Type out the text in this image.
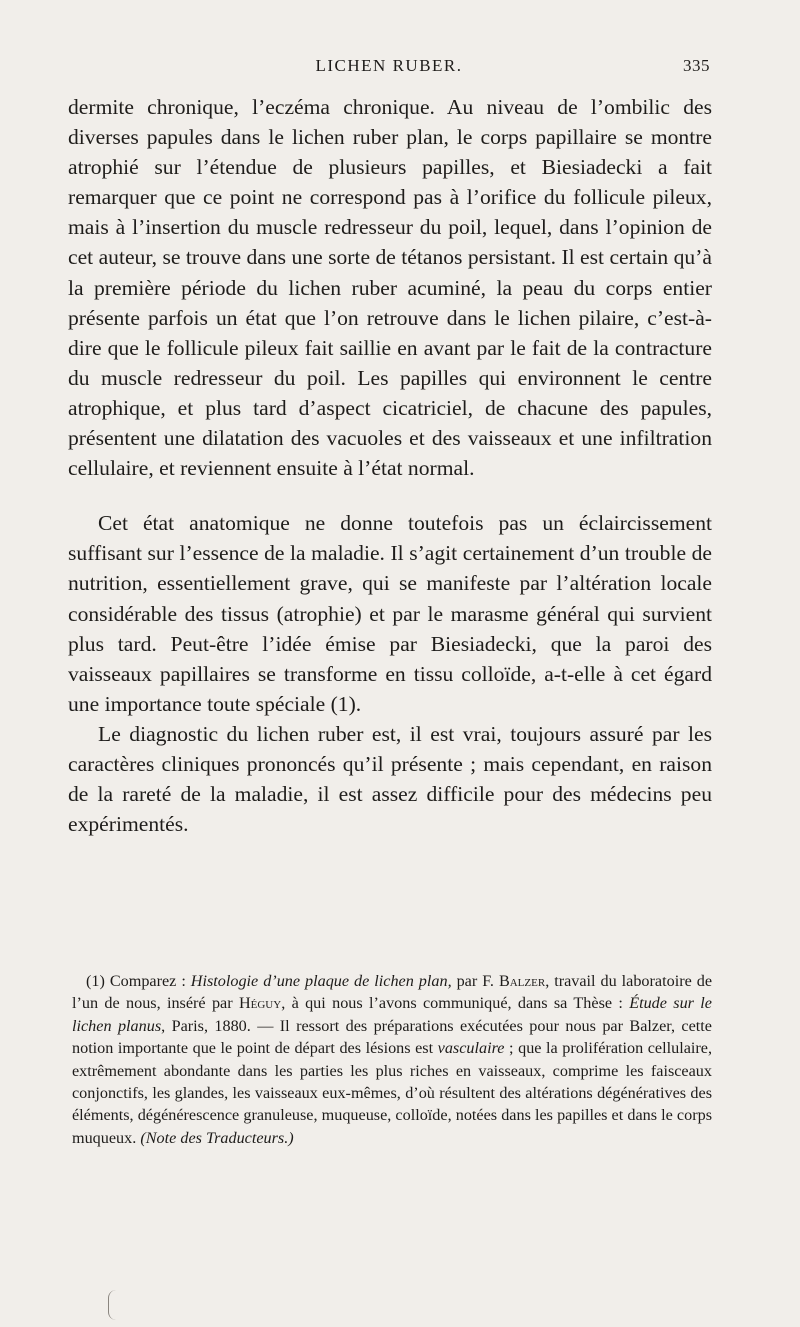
LICHEN RUBER.	335

dermite chronique, l’eczéma chronique. Au niveau de l’ombilic des diverses papules dans le lichen ruber plan, le corps papillaire se montre atrophié sur l’étendue de plusieurs papilles, et Biesiadecki a fait remarquer que ce point ne correspond pas à l’orifice du follicule pileux, mais à l’insertion du muscle redresseur du poil, lequel, dans l’opinion de cet auteur, se trouve dans une sorte de tétanos persistant. Il est certain qu’à la première période du lichen ruber acuminé, la peau du corps entier présente parfois un état que l’on retrouve dans le lichen pilaire, c’est-à-dire que le follicule pileux fait saillie en avant par le fait de la contracture du muscle redresseur du poil. Les papilles qui environnent le centre atrophique, et plus tard d’aspect cicatriciel, de chacune des papules, présentent une dilatation des vacuoles et des vaisseaux et une infiltration cellulaire, et reviennent ensuite à l’état normal.

Cet état anatomique ne donne toutefois pas un éclaircissement suffisant sur l’essence de la maladie. Il s’agit certainement d’un trouble de nutrition, essentiellement grave, qui se manifeste par l’altération locale considérable des tissus (atrophie) et par le marasme général qui survient plus tard. Peut-être l’idée émise par Biesiadecki, que la paroi des vaisseaux papillaires se transforme en tissu colloïde, a-t-elle à cet égard une importance toute spéciale (1).

Le diagnostic du lichen ruber est, il est vrai, toujours assuré par les caractères cliniques prononcés qu’il présente ; mais cependant, en raison de la rareté de la maladie, il est assez difficile pour des médecins peu expérimentés.

(1) Comparez : Histologie d’une plaque de lichen plan, par F. Balzer, travail du laboratoire de l’un de nous, inséré par Héguy, à qui nous l’avons communiqué, dans sa Thèse : Étude sur le lichen planus, Paris, 1880. — Il ressort des préparations exécutées pour nous par Balzer, cette notion importante que le point de départ des lésions est vasculaire ; que la prolifération cellulaire, extrêmement abondante dans les parties les plus riches en vaisseaux, comprime les faisceaux conjonctifs, les glandes, les vaisseaux eux-mêmes, d’où résultent des altérations dégénératives des éléments, dégénérescence granuleuse, muqueuse, colloïde, notées dans les papilles et dans le corps muqueux. (Note des Traducteurs.)
